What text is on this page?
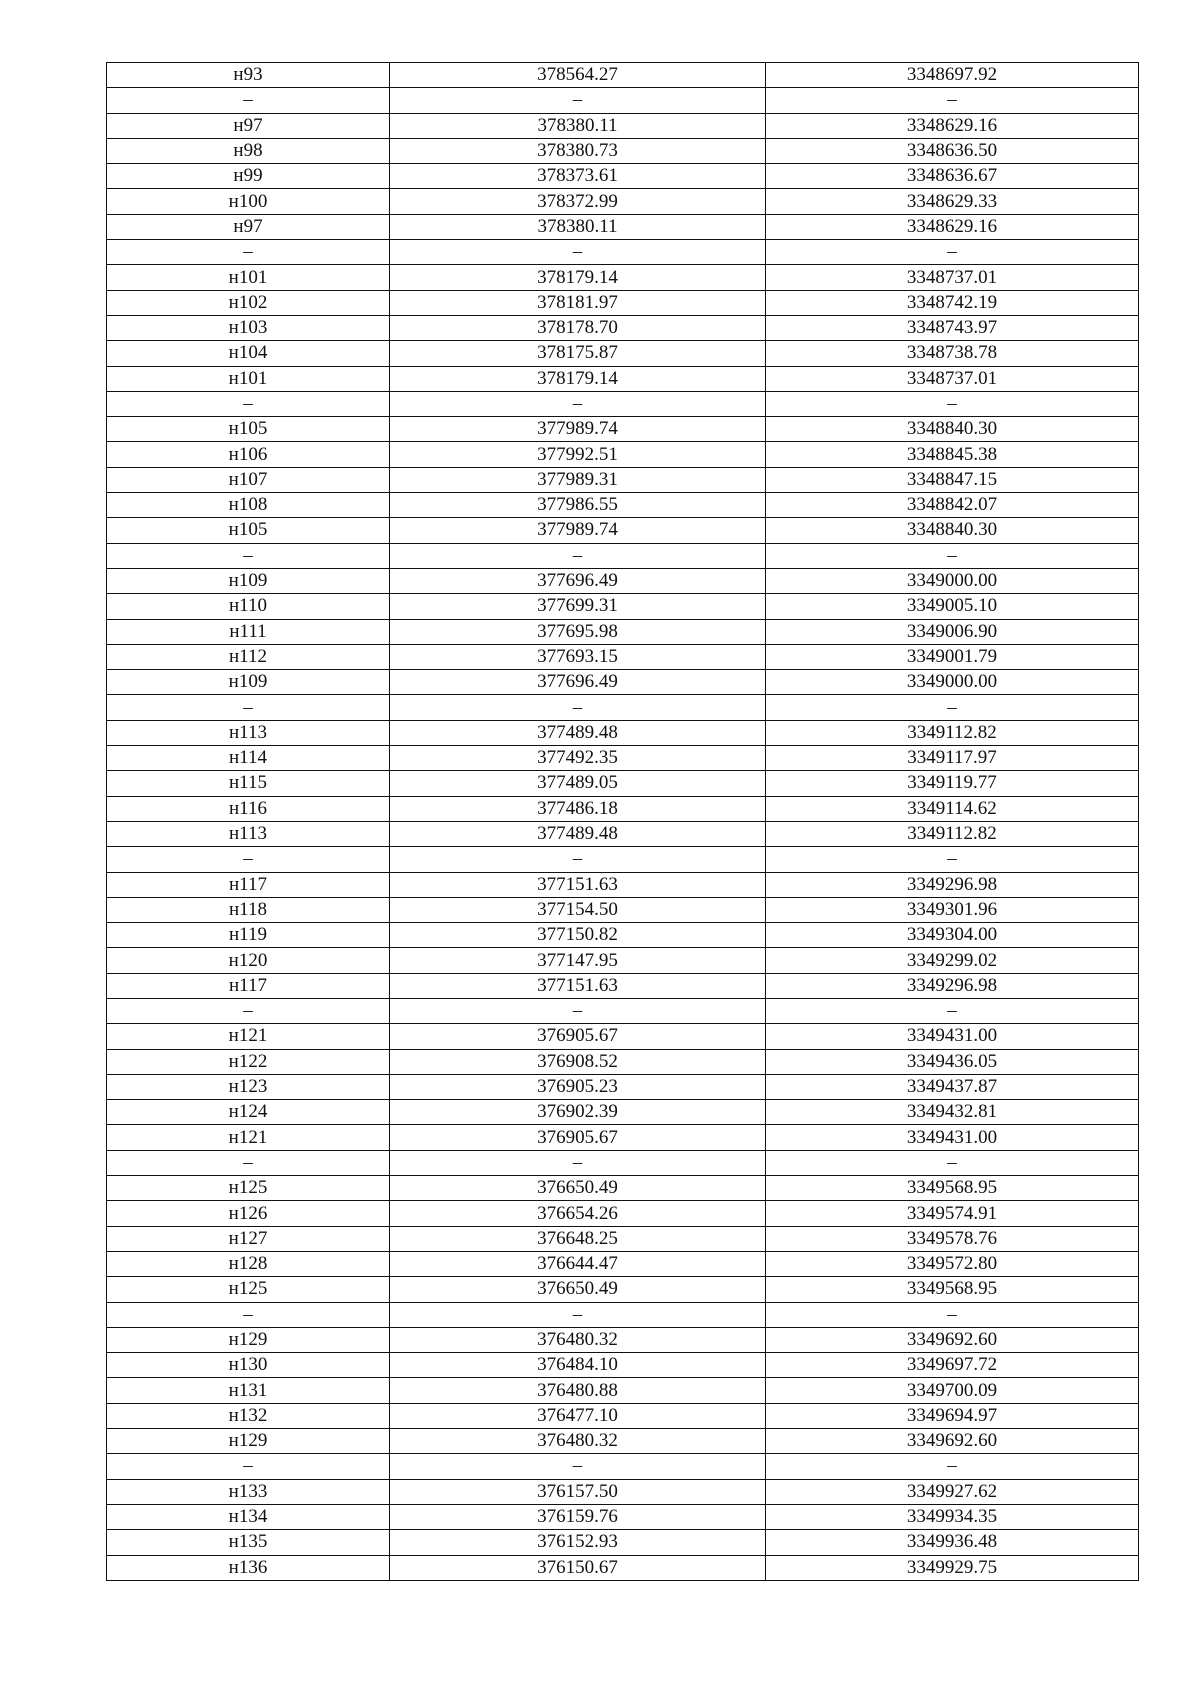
н93	378564.27	3348697.92
–	–	–
н97	378380.11	3348629.16
н98	378380.73	3348636.50
н99	378373.61	3348636.67
н100	378372.99	3348629.33
н97	378380.11	3348629.16
–	–	–
н101	378179.14	3348737.01
н102	378181.97	3348742.19
н103	378178.70	3348743.97
н104	378175.87	3348738.78
н101	378179.14	3348737.01
–	–	–
н105	377989.74	3348840.30
н106	377992.51	3348845.38
н107	377989.31	3348847.15
н108	377986.55	3348842.07
н105	377989.74	3348840.30
–	–	–
н109	377696.49	3349000.00
н110	377699.31	3349005.10
н111	377695.98	3349006.90
н112	377693.15	3349001.79
н109	377696.49	3349000.00
–	–	–
н113	377489.48	3349112.82
н114	377492.35	3349117.97
н115	377489.05	3349119.77
н116	377486.18	3349114.62
н113	377489.48	3349112.82
–	–	–
н117	377151.63	3349296.98
н118	377154.50	3349301.96
н119	377150.82	3349304.00
н120	377147.95	3349299.02
н117	377151.63	3349296.98
–	–	–
н121	376905.67	3349431.00
н122	376908.52	3349436.05
н123	376905.23	3349437.87
н124	376902.39	3349432.81
н121	376905.67	3349431.00
–	–	–
н125	376650.49	3349568.95
н126	376654.26	3349574.91
н127	376648.25	3349578.76
н128	376644.47	3349572.80
н125	376650.49	3349568.95
–	–	–
н129	376480.32	3349692.60
н130	376484.10	3349697.72
н131	376480.88	3349700.09
н132	376477.10	3349694.97
н129	376480.32	3349692.60
–	–	–
н133	376157.50	3349927.62
н134	376159.76	3349934.35
н135	376152.93	3349936.48
н136	376150.67	3349929.75
